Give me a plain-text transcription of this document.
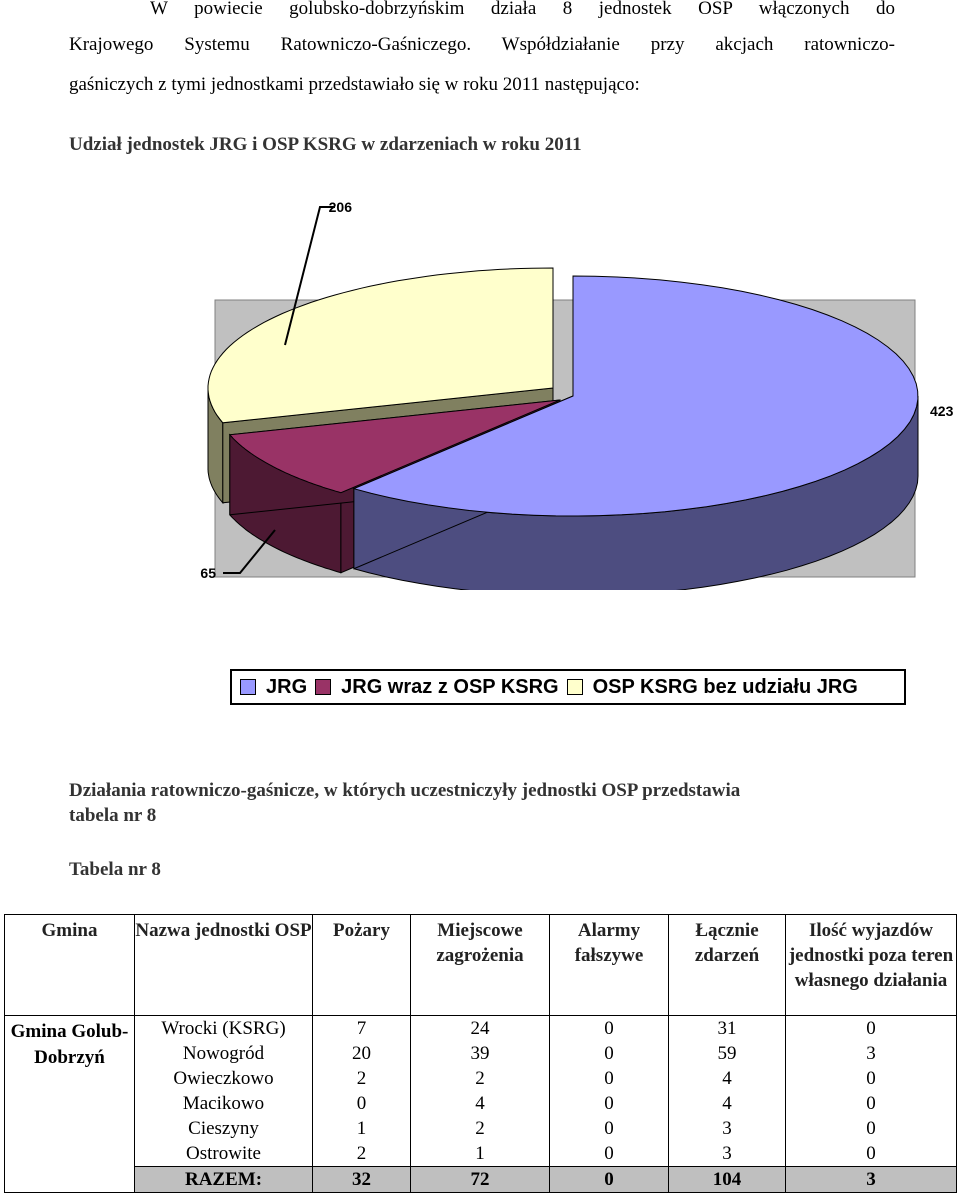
W powiecie golubsko-dobrzyńskim działa 8 jednostek OSP włączonych do
Krajowego Systemu Ratowniczo-Gaśniczego. Współdziałanie przy akcjach ratowniczo-
gaśniczych z tymi jednostkami przedstawiało się w roku 2011 następująco:
Udział jednostek JRG i OSP KSRG w zdarzeniach w roku 2011
423
65
206
JRG JRG wraz z OSP KSRG OSP KSRG bez udziału JRG
Działania ratowniczo-gaśnicze, w których uczestniczyły jednostki OSP przedstawia
tabela nr 8
Tabela nr 8
Gmina	Nazwa jednostki OSP	Pożary	Miejscowe zagrożenia	Alarmy fałszywe	Łącznie zdarzeń	Ilość wyjazdów jednostki poza teren własnego działania
Gmina Golub-Dobrzyń	Wrocki (KSRG)	7	24	0	31	0
	Nowogród	20	39	0	59	3
	Owieczkowo	2	2	0	4	0
	Macikowo	0	4	0	4	0
	Cieszyny	1	2	0	3	0
	Ostrowite	2	1	0	3	0
	RAZEM:	32	72	0	104	3
